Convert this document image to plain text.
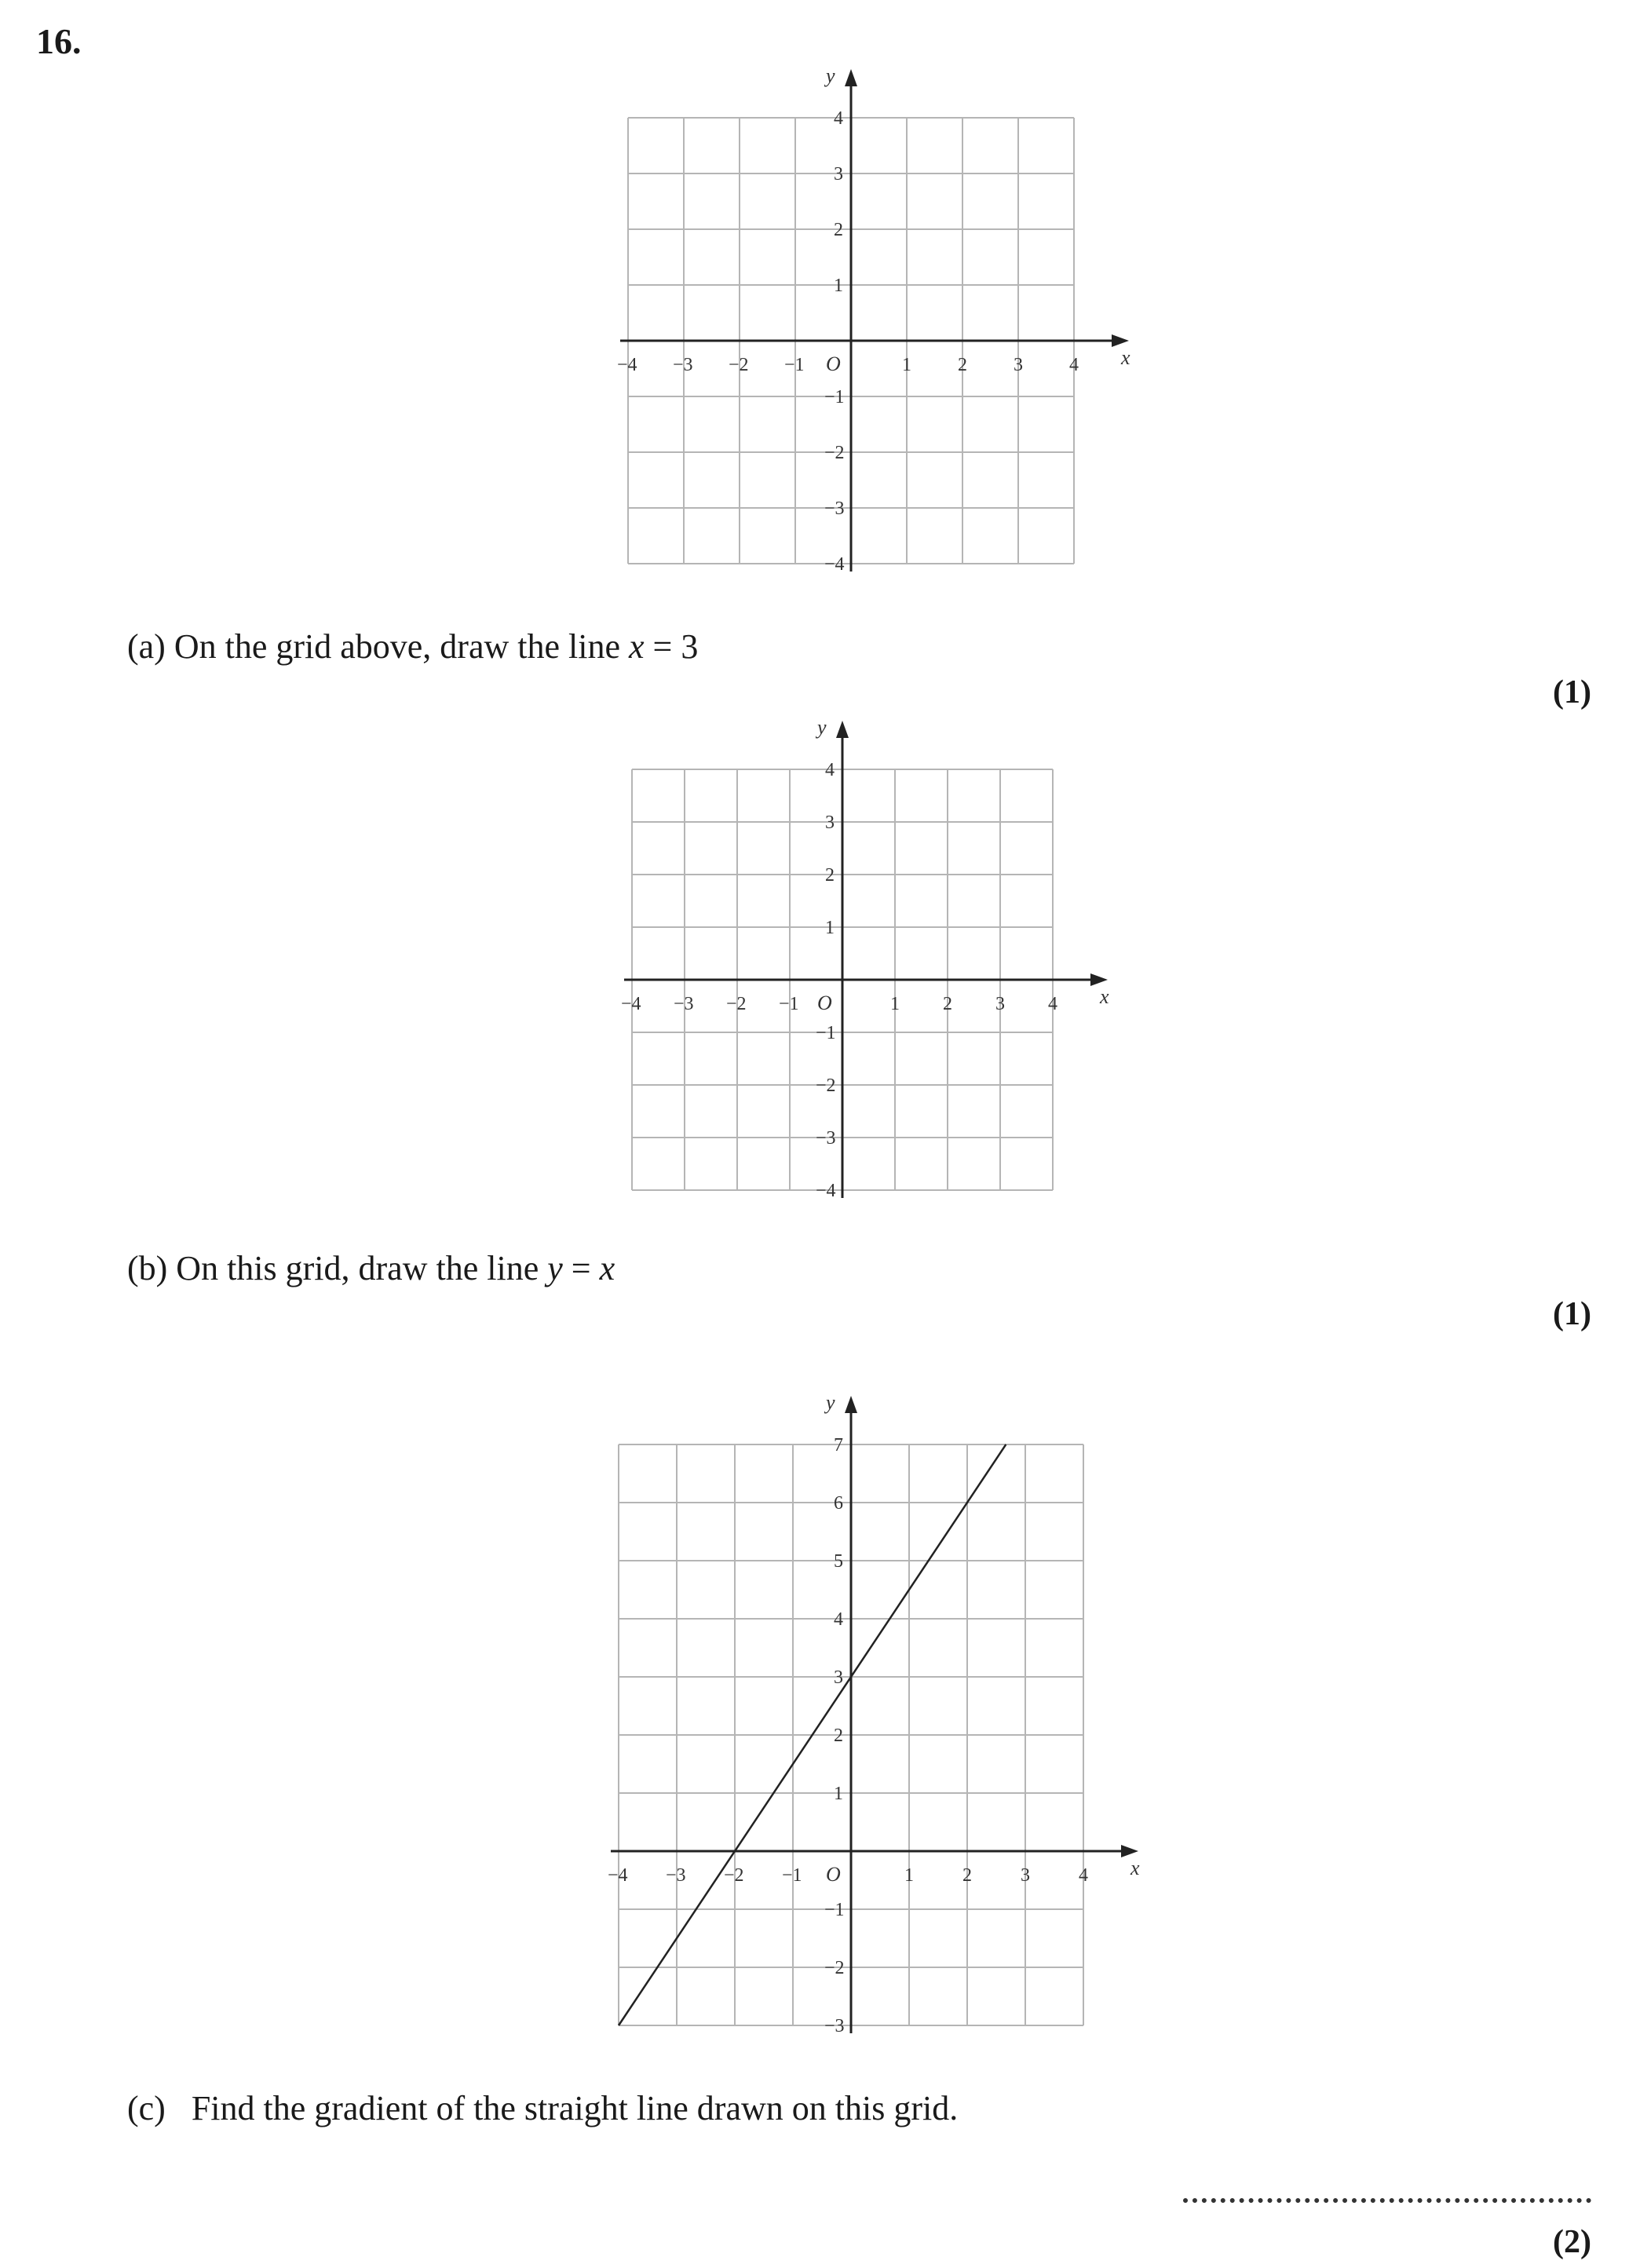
16.
x
y
O
−4 −3 −2 −1	1 2 3 4
4
3
2
1
−1
−2
−3
−4
(a) On the grid above, draw the line x = 3
(1)
x
y
O
−4 −3 −2 −1	1 2 3 4
4
3
2
1
−1
−2
−3
−4
(b) On this grid, draw the line y = x
(1)
x
y
O
−4 −3 −2 −1	1	2	3	4
7
6
5
4
3
2
1
−1
−2
−3
(c)   Find the gradient of the straight line drawn on this grid.
(2)
